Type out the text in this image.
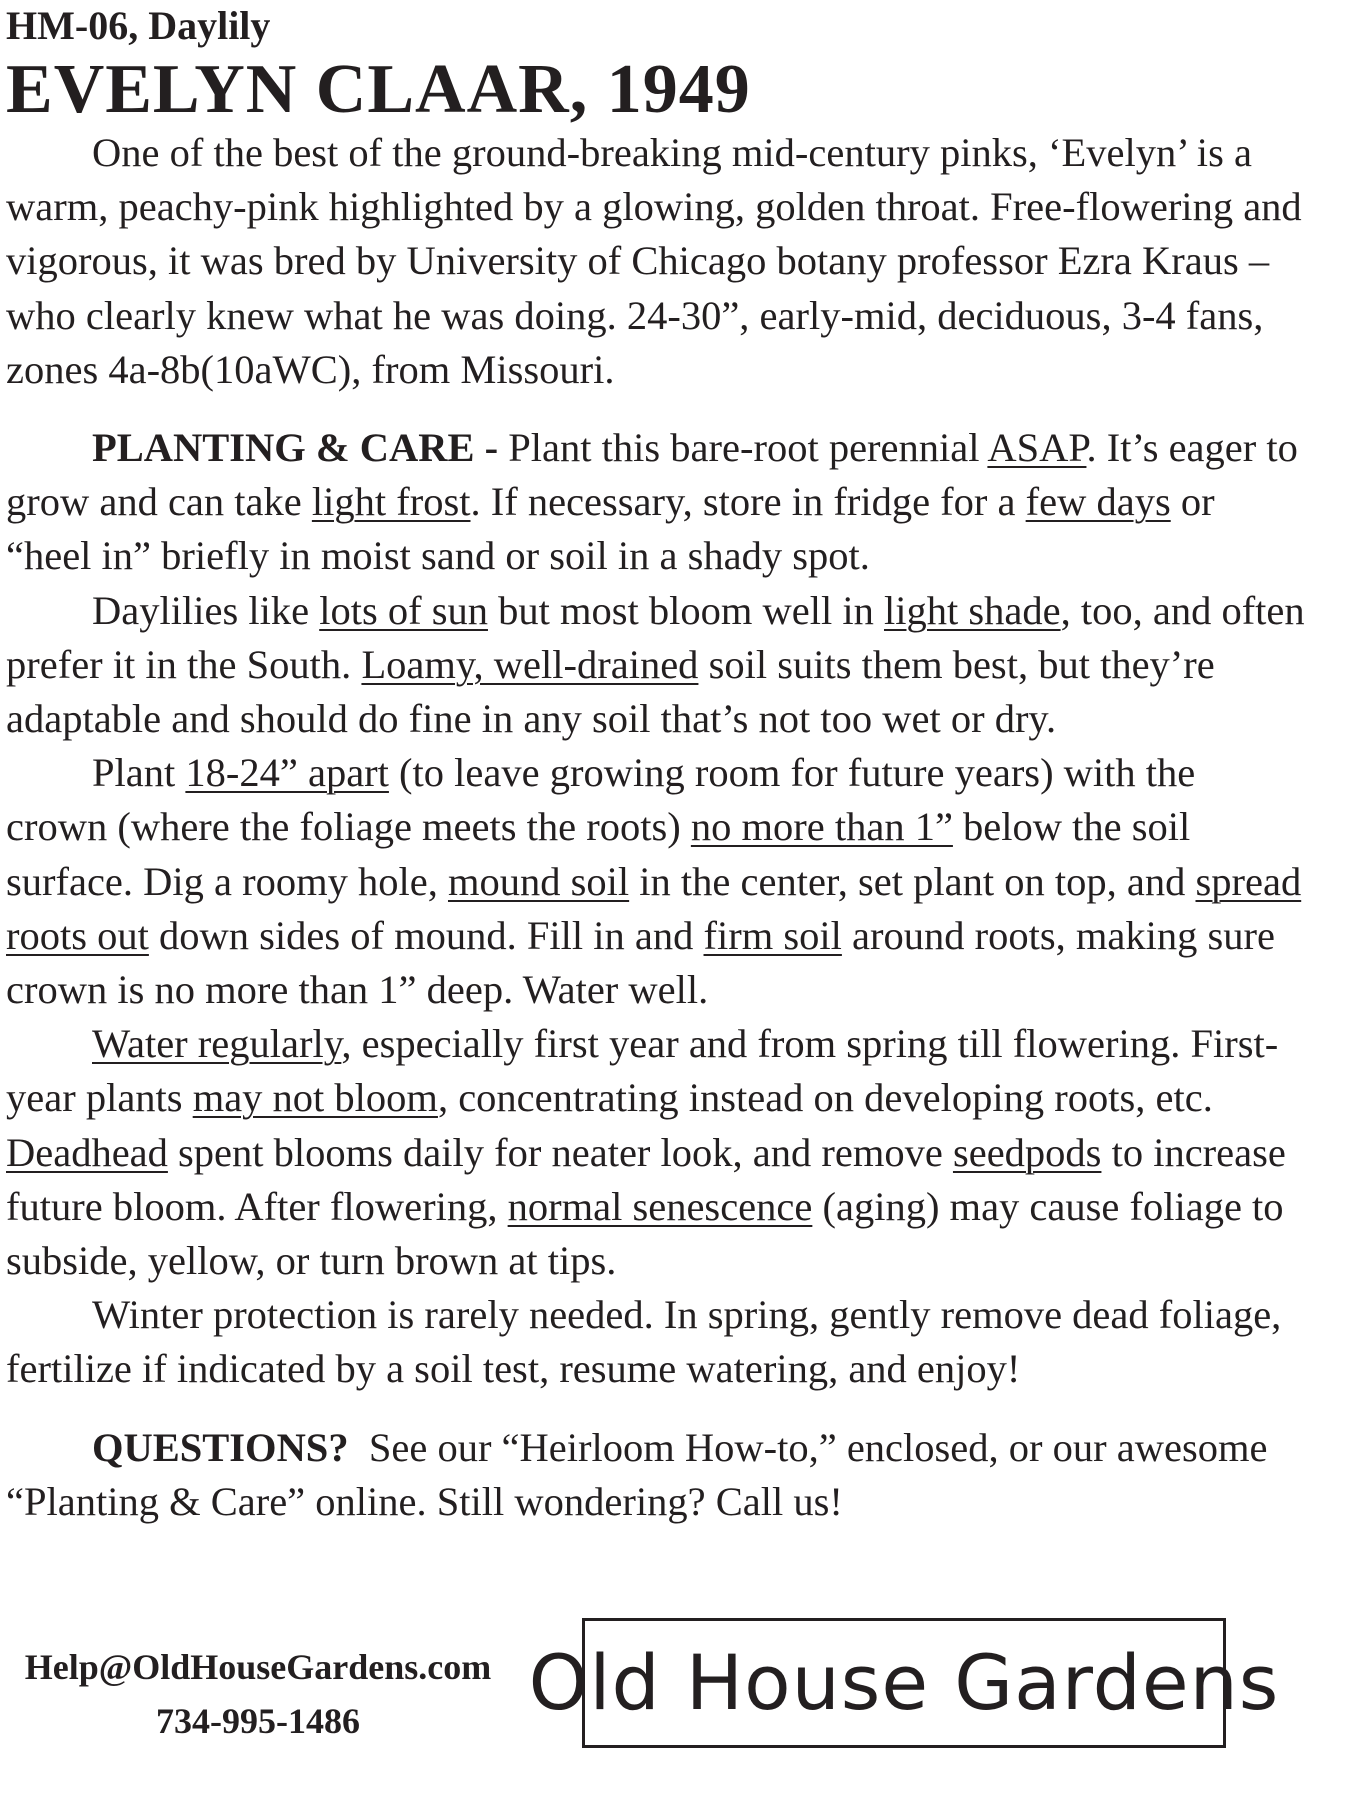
HM-06, Daylily

EVELYN CLAAR, 1949

One of the best of the ground-breaking mid-century pinks, ‘Evelyn’ is a warm, peachy-pink highlighted by a glowing, golden throat. Free-flowering and vigorous, it was bred by University of Chicago botany professor Ezra Kraus – who clearly knew what he was doing. 24-30”, early-mid, deciduous, 3-4 fans, zones 4a-8b(10aWC), from Missouri.

PLANTING & CARE - Plant this bare-root perennial ASAP. It’s eager to grow and can take light frost. If necessary, store in fridge for a few days or “heel in” briefly in moist sand or soil in a shady spot.

Daylilies like lots of sun but most bloom well in light shade, too, and often prefer it in the South. Loamy, well-drained soil suits them best, but they’re adaptable and should do fine in any soil that’s not too wet or dry.

Plant 18-24” apart (to leave growing room for future years) with the crown (where the foliage meets the roots) no more than 1” below the soil surface. Dig a roomy hole, mound soil in the center, set plant on top, and spread roots out down sides of mound. Fill in and firm soil around roots, making sure crown is no more than 1” deep. Water well.

Water regularly, especially first year and from spring till flowering. First-year plants may not bloom, concentrating instead on developing roots, etc. Deadhead spent blooms daily for neater look, and remove seedpods to increase future bloom. After flowering, normal senescence (aging) may cause foliage to subside, yellow, or turn brown at tips.

Winter protection is rarely needed. In spring, gently remove dead foliage, fertilize if indicated by a soil test, resume watering, and enjoy!

QUESTIONS?  See our “Heirloom How-to,” enclosed, or our awesome “Planting & Care” online. Still wondering? Call us!

Help@OldHouseGardens.com
734-995-1486	Old House Gardens
